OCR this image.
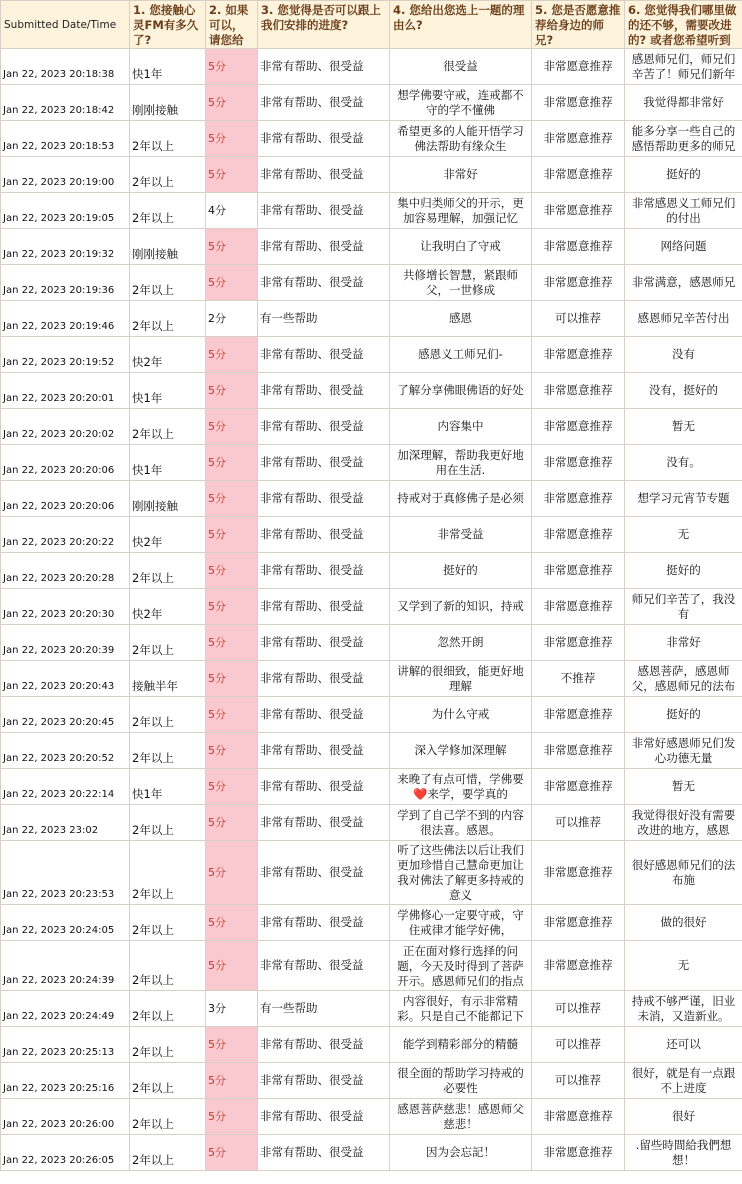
Submitted Date/Time	1. 您接触心灵FM有多久了?	2. 如果可以，请您给	3. 您觉得是否可以跟上我们安排的进度?	4. 您给出您选上一题的理由么?	5. 您是否愿意推荐给身边的师兄?	6. 您觉得我们哪里做的还不够，需要改进的? 或者您希望听到
Jan 22, 2023 20:18:38	快1年	5分	非常有帮助、很受益	很受益	非常愿意推荐	感恩师兄们，师兄们辛苦了！师兄们新年

Jan 22, 2023 20:18:42	刚刚接触	5分	非常有帮助、很受益	想学佛要守戒，连戒都不守的学不懂佛	非常愿意推荐	我觉得都非常好

Jan 22, 2023 20:18:53	2年以上	5分	非常有帮助、很受益	希望更多的人能开悟学习佛法帮助有缘众生	非常愿意推荐	能多分享一些自己的感悟帮助更多的师兄

Jan 22, 2023 20:19:00	2年以上	5分	非常有帮助、很受益	非常好	非常愿意推荐	挺好的

Jan 22, 2023 20:19:05	2年以上	4分	非常有帮助、很受益	集中归类师父的开示，更加容易理解，加强记忆	非常愿意推荐	非常感恩义工师兄们的付出

Jan 22, 2023 20:19:32	刚刚接触	5分	非常有帮助、很受益	让我明白了守戒	非常愿意推荐	网络问题

Jan 22, 2023 20:19:36	2年以上	5分	非常有帮助、很受益	共修增长智慧，紧跟师父，一世修成	非常愿意推荐	非常满意，感恩师兄

Jan 22, 2023 20:19:46	2年以上	2分	有一些帮助	感恩	可以推荐	感恩师兄辛苦付出

Jan 22, 2023 20:19:52	快2年	5分	非常有帮助、很受益	感恩义工师兄们-	非常愿意推荐	没有

Jan 22, 2023 20:20:01	快1年	5分	非常有帮助、很受益	了解分享佛眼佛语的好处	非常愿意推荐	没有，挺好的

Jan 22, 2023 20:20:02	2年以上	5分	非常有帮助、很受益	内容集中	非常愿意推荐	暂无

Jan 22, 2023 20:20:06	快1年	5分	非常有帮助、很受益	加深理解，帮助我更好地用在生活.	非常愿意推荐	没有。

Jan 22, 2023 20:20:06	刚刚接触	5分	非常有帮助、很受益	持戒对于真修佛子是必须	非常愿意推荐	想学习元宵节专题

Jan 22, 2023 20:20:22	快2年	5分	非常有帮助、很受益	非常受益	非常愿意推荐	无

Jan 22, 2023 20:20:28	2年以上	5分	非常有帮助、很受益	挺好的	非常愿意推荐	挺好的

Jan 22, 2023 20:20:30	快2年	5分	非常有帮助、很受益	又学到了新的知识，持戒	非常愿意推荐	师兄们辛苦了，我没有

Jan 22, 2023 20:20:39	2年以上	5分	非常有帮助、很受益	忽然开朗	非常愿意推荐	非常好

Jan 22, 2023 20:20:43	接触半年	5分	非常有帮助、很受益	讲解的很细致，能更好地理解	不推荐	感恩菩萨，感恩师父，感恩师兄的法布

Jan 22, 2023 20:20:45	2年以上	5分	非常有帮助、很受益	为什么守戒	非常愿意推荐	挺好的

Jan 22, 2023 20:20:52	2年以上	5分	非常有帮助、很受益	深入学修加深理解	非常愿意推荐	非常好感恩师兄们发心功德无量

Jan 22, 2023 20:22:14	快1年	5分	非常有帮助、很受益	来晚了有点可惜，学佛要❤️来学，要学真的	非常愿意推荐	暂无

Jan 22, 2023 23:02	2年以上	5分	非常有帮助、很受益	学到了自己学不到的内容很法喜。感恩。	可以推荐	我觉得很好没有需要改进的地方，感恩

Jan 22, 2023 20:23:53	2年以上	5分	非常有帮助、很受益	听了这些佛法以后让我们更加珍惜自己慧命更加让我对佛法了解更多持戒的意义	非常愿意推荐	很好感恩师兄们的法布施

Jan 22, 2023 20:24:05	2年以上	5分	非常有帮助、很受益	学佛修心一定要守戒，守住戒律才能学好佛，	非常愿意推荐	做的很好

Jan 22, 2023 20:24:39	2年以上	5分	非常有帮助、很受益	正在面对修行选择的问题，今天及时得到了菩萨开示。感恩师兄们的指点	非常愿意推荐	无

Jan 22, 2023 20:24:49	2年以上	3分	有一些帮助	内容很好，有示非常精彩。只是自己不能都记下	可以推荐	持戒不够严谨，旧业未消，又造新业。

Jan 22, 2023 20:25:13	2年以上	5分	非常有帮助、很受益	能学到精彩部分的精髓	可以推荐	还可以

Jan 22, 2023 20:25:16	2年以上	5分	非常有帮助、很受益	很全面的帮助学习持戒的必要性	可以推荐	很好，就是有一点跟不上进度

Jan 22, 2023 20:26:00	2年以上	5分	非常有帮助、很受益	感恩菩萨慈悲！感恩师父慈悲！	非常愿意推荐	很好

Jan 22, 2023 20:26:05	2年以上	5分	非常有帮助、很受益	因为会忘記！	非常愿意推荐	.留些時間給我們想想！
